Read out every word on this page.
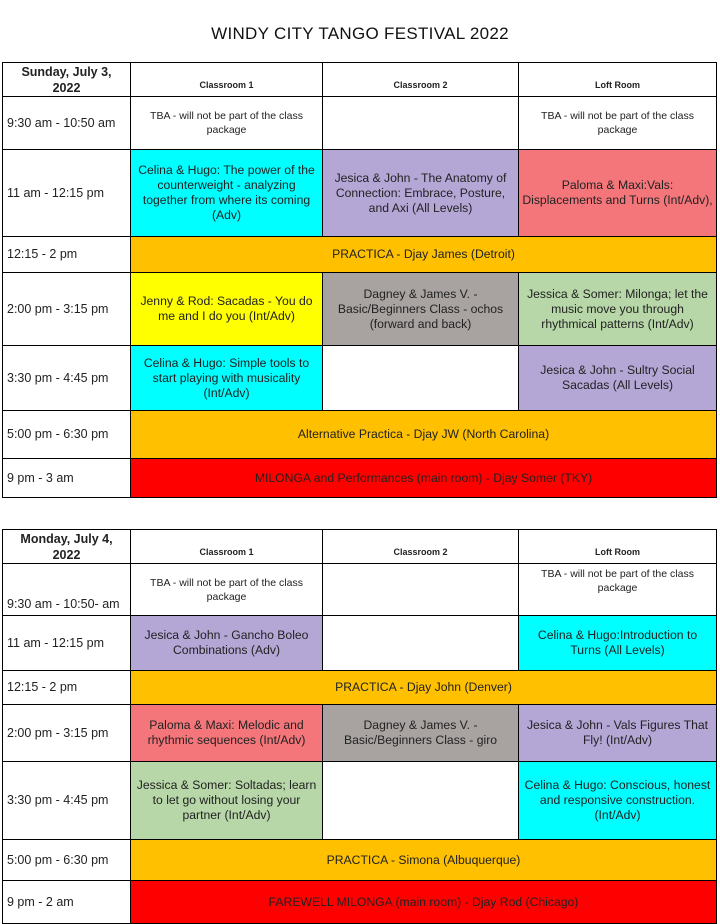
WINDY CITY TANGO FESTIVAL 2022
Sunday, July 3, 2022	Classroom 1	Classroom 2	Loft Room
9:30 am - 10:50 am	TBA - will not be part of the class package		TBA - will not be part of the class package
11 am - 12:15 pm	Celina & Hugo: The power of the counterweight - analyzing together from where its coming (Adv)	Jesica & John - The Anatomy of Connection: Embrace, Posture, and Axi (All Levels)	Paloma & Maxi:Vals: Displacements and Turns (Int/Adv),
12:15 - 2 pm	PRACTICA - Djay James (Detroit)		
2:00 pm - 3:15 pm	Jenny & Rod: Sacadas - You do me and I do you (Int/Adv)	Dagney & James V. - Basic/Beginners Class - ochos (forward and back)	Jessica & Somer: Milonga; let the music move you through rhythmical patterns (Int/Adv)
3:30 pm - 4:45 pm	Celina & Hugo: Simple tools to start playing with musicality (Int/Adv)		Jesica & John - Sultry Social Sacadas (All Levels)
5:00 pm - 6:30 pm	Alternative Practica - Djay JW (North Carolina)		
9 pm - 3 am	MILONGA and Performances (main room) - Djay Somer (TKY)		
Monday, July 4, 2022	Classroom 1	Classroom 2	Loft Room
9:30 am - 10:50- am	TBA - will not be part of the class package		TBA - will not be part of the class package
11 am - 12:15 pm	Jesica & John - Gancho Boleo Combinations (Adv)		Celina & Hugo:Introduction to Turns (All Levels)
12:15 - 2 pm	PRACTICA - Djay John (Denver)		
2:00 pm - 3:15 pm	Paloma & Maxi: Melodic and rhythmic sequences (Int/Adv)	Dagney & James V. - Basic/Beginners Class - giro	Jesica & John - Vals Figures That Fly! (Int/Adv)
3:30 pm - 4:45 pm	Jessica & Somer: Soltadas; learn to let go without losing your partner (Int/Adv)		Celina & Hugo: Conscious, honest and responsive construction. (Int/Adv)
5:00 pm - 6:30 pm	PRACTICA - Simona (Albuquerque)		
9 pm - 2 am	FAREWELL MILONGA (main room) - Djay Rod (Chicago)		
